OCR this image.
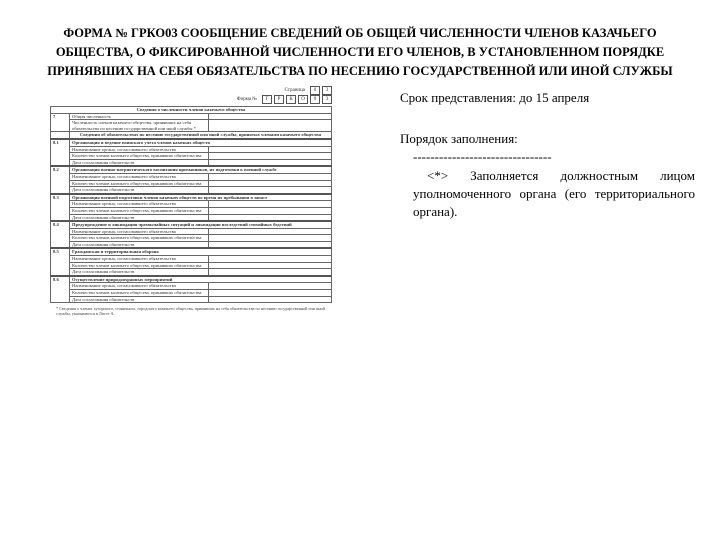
ФОРМА № ГРКО03 СООБЩЕНИЕ СВЕДЕНИЙ ОБ ОБЩЕЙ ЧИСЛЕННОСТИ ЧЛЕНОВ КАЗАЧЬЕГО
ОБЩЕСТВА, О ФИКСИРОВАННОЙ ЧИСЛЕННОСТИ ЕГО ЧЛЕНОВ, В УСТАНОВЛЕННОМ ПОРЯДКЕ
ПРИНЯВШИХ НА СЕБЯ ОБЯЗАТЕЛЬСТВА ПО НЕСЕНИЮ ГОСУДАРСТВЕННОЙ ИЛИ ИНОЙ СЛУЖБЫ
Страница	0	3
Форма №	Г	Р	К	О	0	3
Сведения о численности членов казачьего общества		
7	Общая численность	
	Численность членов казачьего общества, принявших на себя обязательства по несению государственной или иной службы *	
	Сведения об обязательствах по несению государственной или иной службы, принятых членами казачьего общества	
8.1	Организация и ведение воинского учета членов казачьих обществ	
	Наименование органа, согласовавшего обязательства	
	Количество членов казачьего общества, принявших обязательства	
	Дата согласования обязательств	
8.2	Организация военно-патриотического воспитания призывников, их подготовки к военной службе	
	Наименование органа, согласовавшего обязательства	
	Количество членов казачьего общества, принявших обязательства	
	Дата согласования обязательств	
8.3	Организация военной подготовки членов казачьих обществ во время их пребывания в запасе	
	Наименование органа, согласовавшего обязательства	
	Количество членов казачьего общества, принявших обязательства	
	Дата согласования обязательств	
8.4	Предупреждение и ликвидация чрезвычайных ситуаций и ликвидации последствий стихийных бедствий	
	Наименование органа, согласовавшего обязательства	
	Количество членов казачьего общества, принявших обязательства	
	Дата согласования обязательств	
8.5	Гражданская и территориальная оборона	
	Наименование органа, согласовавшего обязательства	
	Количество членов казачьего общества, принявших обязательства	
	Дата согласования обязательств	
8.6	Осуществление природоохранных мероприятий	
	Наименование органа, согласовавшего обязательства	
	Количество членов казачьего общества, принявших обязательства	
	Дата согласования обязательств	
* Сведения о членах хуторского, станичного, городского казачьего общества, принявших на себя обязательства по несению государственной или иной службы, указываются в Листе А.
Срок представления: до 15 апреля
Порядок заполнения:
--------------------------------
<*> Заполняется должностным лицом уполномоченного органа (его территориального органа).
